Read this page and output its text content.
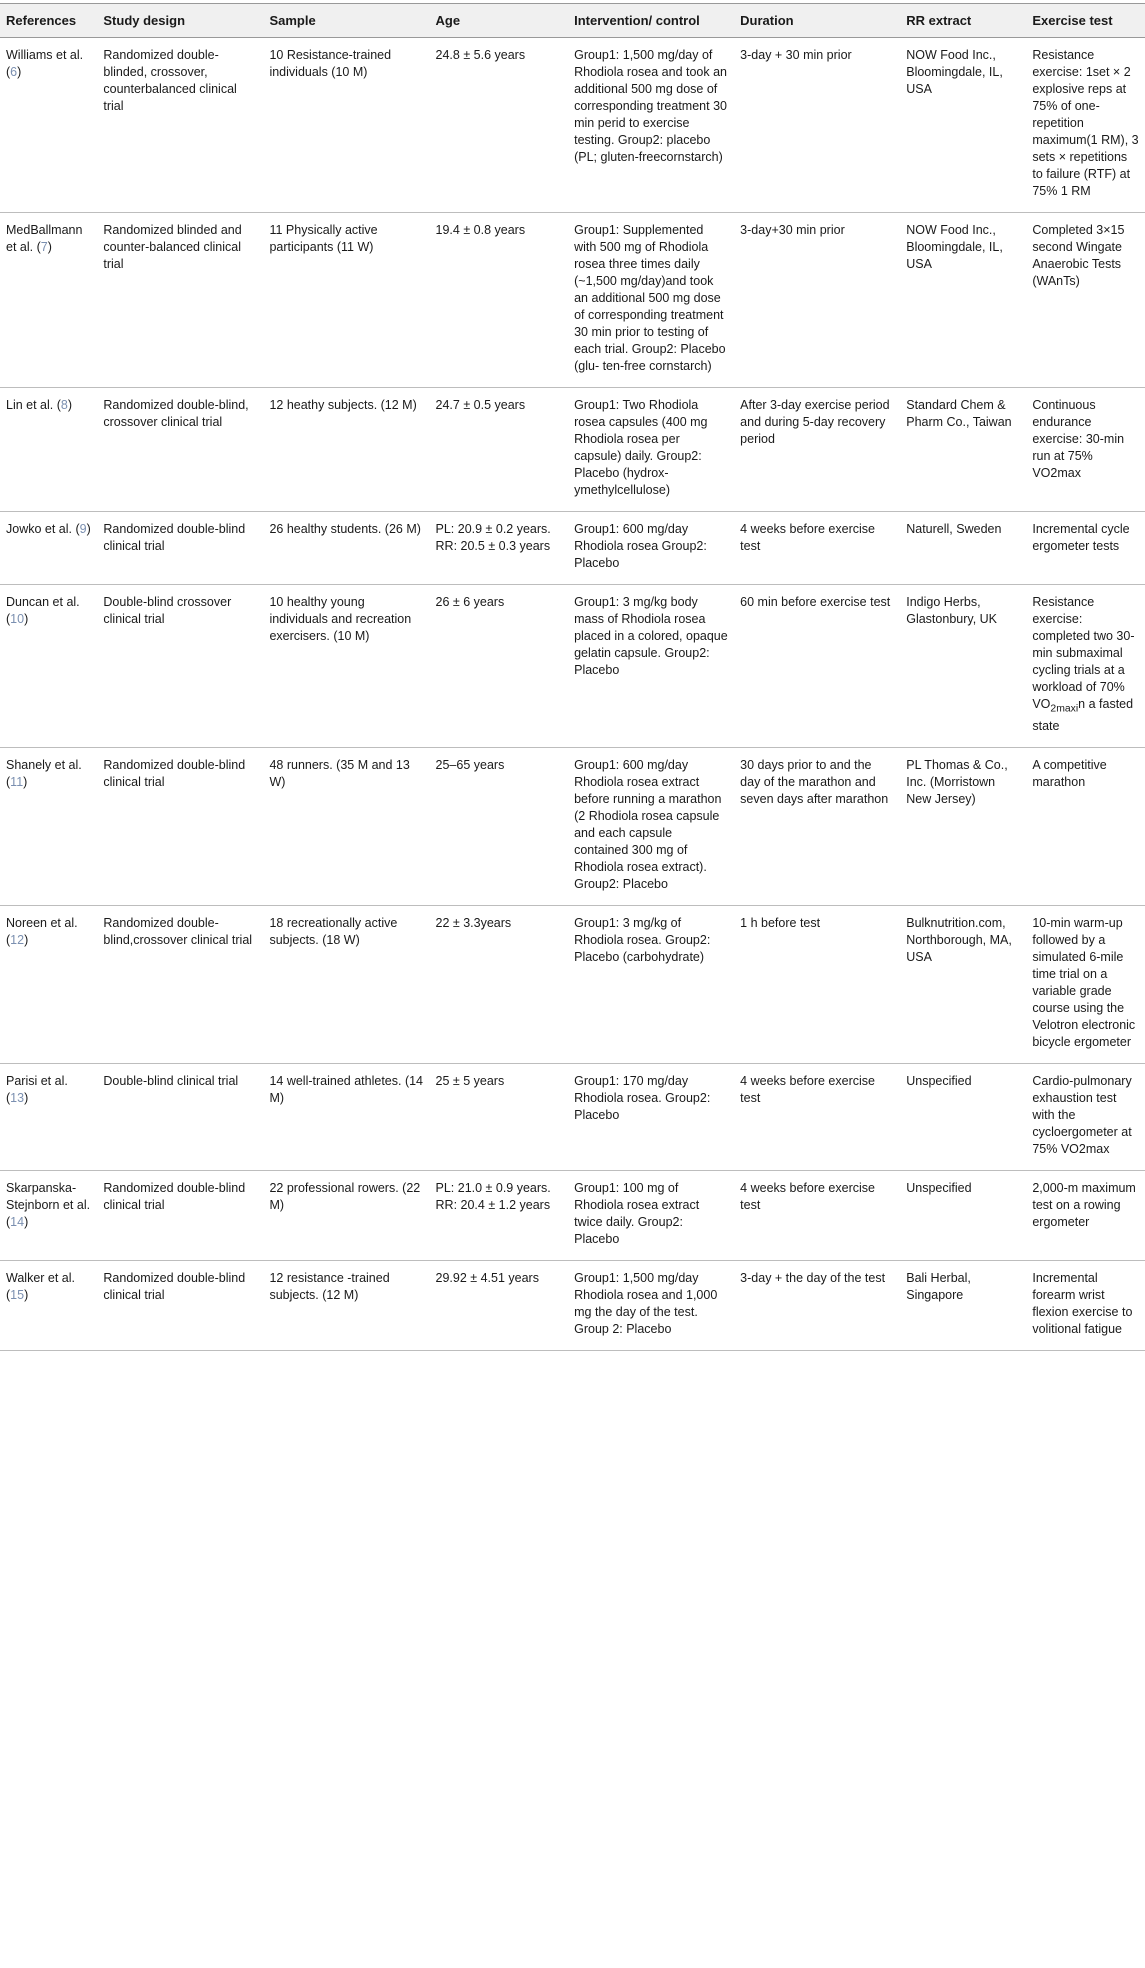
References	Study design	Sample	Age	Intervention/ control	Duration	RR extract	Exercise test
Williams et al. (6)	Randomized double-blinded, crossover, counterbalanced clinical trial	10 Resistance-trained individuals (10 M)	24.8 ± 5.6 years	Group1: 1,500 mg/day of Rhodiola rosea and took an additional 500 mg dose of corresponding treatment 30 min perid to exercise testing. Group2: placebo (PL; gluten-freecornstarch)	3-day + 30 min prior	NOW Food Inc., Bloomingdale, IL, USA	Resistance exercise: 1set × 2 explosive reps at 75% of one-repetition maximum(1 RM), 3 sets × repetitions to failure (RTF) at 75% 1 RM
MedBallmann et al. (7)	Randomized blinded and counter-balanced clinical trial	11 Physically active participants (11 W)	19.4 ± 0.8 years	Group1: Supplemented with 500 mg of Rhodiola rosea three times daily (~1,500 mg/day)and took an additional 500 mg dose of corresponding treatment 30 min prior to testing of each trial. Group2: Placebo (glu- ten-free cornstarch)	3-day+30 min prior	NOW Food Inc., Bloomingdale, IL, USA	Completed 3×15 second Wingate Anaerobic Tests (WAnTs)
Lin et al. (8)	Randomized double-blind, crossover clinical trial	12 heathy subjects. (12 M)	24.7 ± 0.5 years	Group1: Two Rhodiola rosea capsules (400 mg Rhodiola rosea per capsule) daily. Group2: Placebo (hydrox-ymethylcellulose)	After 3-day exercise period and during 5-day recovery period	Standard Chem & Pharm Co., Taiwan	Continuous endurance exercise: 30-min run at 75% VO2max
Jowko et al. (9)	Randomized double-blind clinical trial	26 healthy students. (26 M)	PL: 20.9 ± 0.2 years. RR: 20.5 ± 0.3 years	Group1: 600 mg/day Rhodiola rosea Group2: Placebo	4 weeks before exercise test	Naturell, Sweden	Incremental cycle ergometer tests
Duncan et al. (10)	Double-blind crossover clinical trial	10 healthy young individuals and recreation exercisers. (10 M)	26 ± 6 years	Group1: 3 mg/kg body mass of Rhodiola rosea placed in a colored, opaque gelatin capsule. Group2: Placebo	60 min before exercise test	Indigo Herbs, Glastonbury, UK	Resistance exercise: completed two 30-min submaximal cycling trials at a workload of 70% $VO_{2maxi}n$ a fasted state
Shanely et al. (11)	Randomized double-blind clinical trial	48 runners. (35 M and 13 W)	25–65 years	Group1: 600 mg/day Rhodiola rosea extract before running a marathon (2 Rhodiola rosea capsule and each capsule contained 300 mg of Rhodiola rosea extract). Group2: Placebo	30 days prior to and the day of the marathon and seven days after marathon	PL Thomas & Co., Inc. (Morristown New Jersey)	A competitive marathon
Noreen et al. (12)	Randomized double-blind,crossover clinical trial	18 recreationally active subjects. (18 W)	22 ± 3.3years	Group1: 3 mg/kg of Rhodiola rosea. Group2: Placebo (carbohydrate)	1 h before test	Bulknutrition.com, Northborough, MA, USA	10-min warm-up followed by a simulated 6-mile time trial on a variable grade course using the Velotron electronic bicycle ergometer
Parisi et al. (13)	Double-blind clinical trial	14 well-trained athletes. (14 M)	25 ± 5 years	Group1: 170 mg/day Rhodiola rosea. Group2: Placebo	4 weeks before exercise test	Unspecified	Cardio-pulmonary exhaustion test with the cycloergometer at 75% VO2max
Skarpanska-Stejnborn et al. (14)	Randomized double-blind clinical trial	22 professional rowers. (22 M)	PL: 21.0 ± 0.9 years. RR: 20.4 ± 1.2 years	Group1: 100 mg of Rhodiola rosea extract twice daily. Group2: Placebo	4 weeks before exercise test	Unspecified	2,000-m maximum test on a rowing ergometer
Walker et al. (15)	Randomized double-blind clinical trial	12 resistance -trained subjects. (12 M)	29.92 ± 4.51 years	Group1: 1,500 mg/day Rhodiola rosea and 1,000 mg the day of the test. Group 2: Placebo	3-day + the day of the test	Bali Herbal, Singapore	Incremental forearm wrist flexion exercise to volitional fatigue
